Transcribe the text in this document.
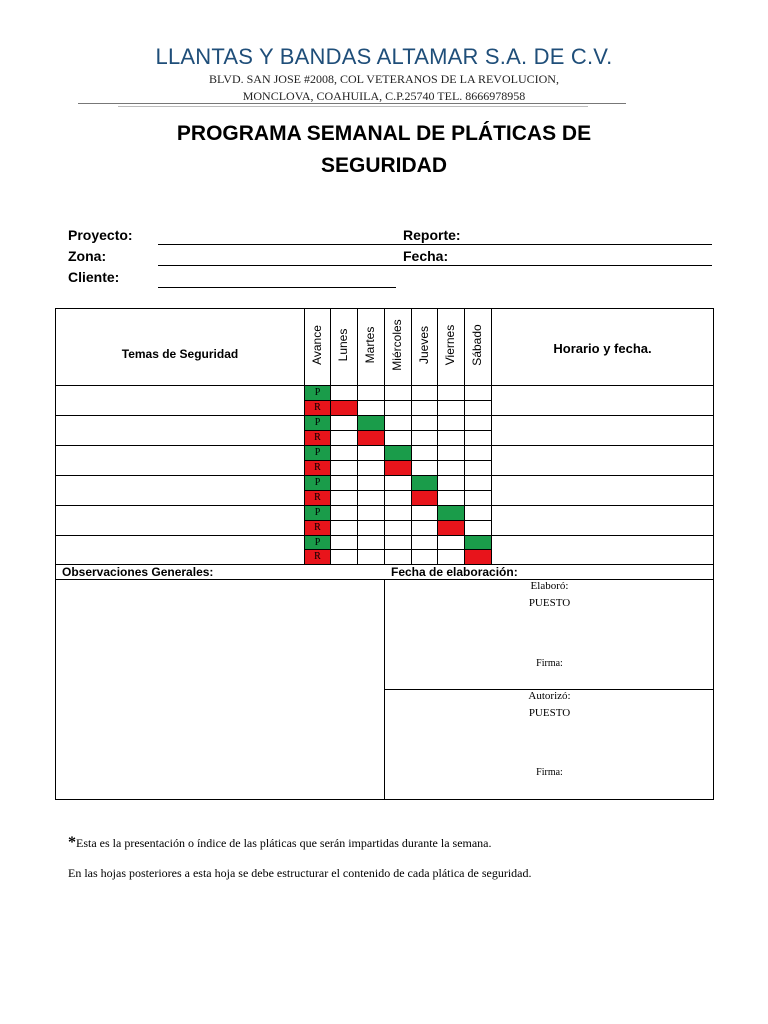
LLANTAS Y BANDAS ALTAMAR S.A. DE C.V.
BLVD. SAN JOSE #2008, COL VETERANOS DE LA REVOLUCION,
MONCLOVA, COAHUILA, C.P.25740 TEL. 8666978958
PROGRAMA SEMANAL DE PLÁTICAS DE
SEGURIDAD
Proyecto:
Zona:
Cliente:
Reporte:
Fecha:
Temas de Seguridad	Horario y fecha.
Avance Lunes Martes Miércoles Jueves Viernes Sábado
P
R
P
R
P
R
P
R
P
R
P
R
Observaciones Generales:	Fecha de elaboración:
Elaboró:
PUESTO
Firma:
Autorizó:
PUESTO
Firma:
*Esta es la presentación o índice de las pláticas que serán impartidas durante la semana.
En las hojas posteriores a esta hoja se debe estructurar el contenido de cada plática de seguridad.
